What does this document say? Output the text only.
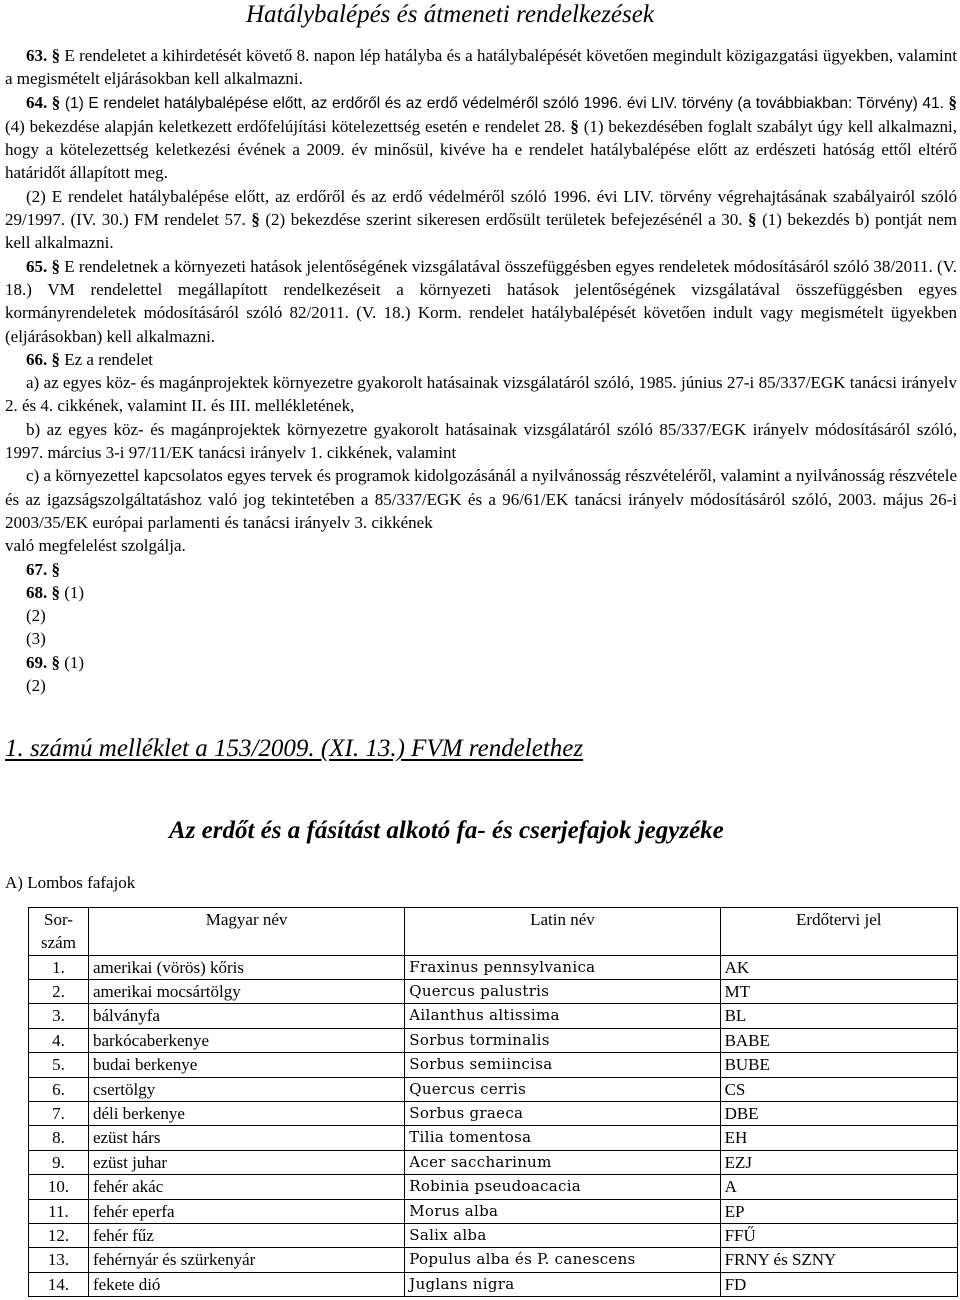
Hatálybalépés és átmeneti rendelkezések

63. § E rendeletet a kihirdetését követő 8. napon lép hatályba és a hatálybalépését követően megindult közigazgatási ügyekben, valamint a megismételt eljárásokban kell alkalmazni.

64. § (1) E rendelet hatálybalépése előtt, az erdőről és az erdő védelméről szóló 1996. évi LIV. törvény (a továbbiakban: Törvény) 41. § (4) bekezdése alapján keletkezett erdőfelújítási kötelezettség esetén e rendelet 28. § (1) bekezdésében foglalt szabályt úgy kell alkalmazni, hogy a kötelezettség keletkezési évének a 2009. év minősül, kivéve ha e rendelet hatálybalépése előtt az erdészeti hatóság ettől eltérő határidőt állapított meg.

(2) E rendelet hatálybalépése előtt, az erdőről és az erdő védelméről szóló 1996. évi LIV. törvény végrehajtásának szabályairól szóló 29/1997. (IV. 30.) FM rendelet 57. § (2) bekezdése szerint sikeresen erdősült területek befejezésénél a 30. § (1) bekezdés b) pontját nem kell alkalmazni.

65. § E rendeletnek a környezeti hatások jelentőségének vizsgálatával összefüggésben egyes rendeletek módosításáról szóló 38/2011. (V. 18.) VM rendelettel megállapított rendelkezéseit a környezeti hatások jelentőségének vizsgálatával összefüggésben egyes kormányrendeletek módosításáról szóló 82/2011. (V. 18.) Korm. rendelet hatálybalépését követően indult vagy megismételt ügyekben (eljárásokban) kell alkalmazni.

66. § Ez a rendelet

a) az egyes köz- és magánprojektek környezetre gyakorolt hatásainak vizsgálatáról szóló, 1985. június 27-i 85/337/EGK tanácsi irányelv 2. és 4. cikkének, valamint II. és III. mellékletének,

b) az egyes köz- és magánprojektek környezetre gyakorolt hatásainak vizsgálatáról szóló 85/337/EGK irányelv módosításáról szóló, 1997. március 3-i 97/11/EK tanácsi irányelv 1. cikkének, valamint

c) a környezettel kapcsolatos egyes tervek és programok kidolgozásánál a nyilvánosság részvételéről, valamint a nyilvánosság részvétele és az igazságszolgáltatáshoz való jog tekintetében a 85/337/EGK és a 96/61/EK tanácsi irányelv módosításáról szóló, 2003. május 26-i 2003/35/EK európai parlamenti és tanácsi irányelv 3. cikkének

való megfelelést szolgálja.

67. §

68. § (1)

(2)

(3)

69. § (1)

(2)

1. számú melléklet a 153/2009. (XI. 13.) FVM rendelethez
Az erdőt és a fásítást alkotó fa- és cserjefajok jegyzéke
A) Lombos fafajok
Sor-szám	Magyar név	Latin név	Erdőtervi jel
1.	amerikai (vörös) kőris	Fraxinus pennsylvanica	AK
2.	amerikai mocsártölgy	Quercus palustris	MT
3.	bálványfa	Ailanthus altissima	BL
4.	barkócaberkenye	Sorbus torminalis	BABE
5.	budai berkenye	Sorbus semiincisa	BUBE
6.	csertölgy	Quercus cerris	CS
7.	déli berkenye	Sorbus graeca	DBE
8.	ezüst hárs	Tilia tomentosa	EH
9.	ezüst juhar	Acer saccharinum	EZJ
10.	fehér akác	Robinia pseudoacacia	A
11.	fehér eperfa	Morus alba	EP
12.	fehér fűz	Salix alba	FFŰ
13.	fehérnyár és szürkenyár	Populus alba és P. canescens	FRNY és SZNY
14.	fekete dió	Juglans nigra	FD
